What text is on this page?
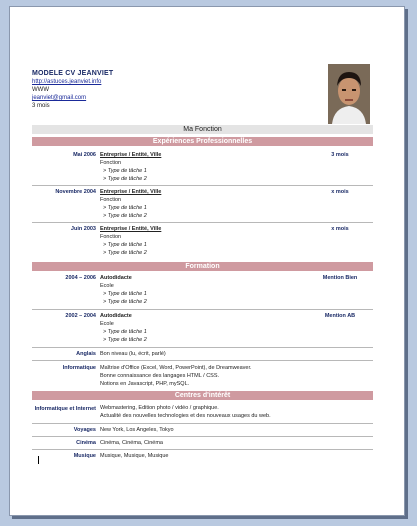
MODELE CV JEANVIET
http://astuces.jeanviet.info
WWW
jeanviet@gmail.com
3 mois
Ma Fonction
Expériences Professionnelles
Mai 2006 Entreprise / Entité, Ville
Fonction
> Type de tâche 1
> Type de tâche 2
3 mois
Novembre 2004 Entreprise / Entité, Ville
Fonction
> Type de tâche 1
> Type de tâche 2
x mois
Juin 2003 Entreprise / Entité, Ville
Fonction
> Type de tâche 1
> Type de tâche 2
x mois
Formation
2004 – 2006 Autodidacte
Ecole
> Type de tâche 1
> Type de tâche 2
Mention Bien
2002 – 2004 Autodidacte
Ecole
> Type de tâche 1
> Type de tâche 2
Mention AB
Anglais Bon niveau (lu, écrit, parlé)
Informatique Maîtrise d'Office (Excel, Word, PowerPoint), de Dreamweaver.
Bonne connaissance des langages HTML / CSS.
Notions en Javascript, PHP, mySQL.
Centres d'intérêt
Informatique et Internet Webmastering, Edition photo / vidéo / graphique.
Actualité des nouvelles technologies et des nouveaux usages du web.
Voyages New York, Los Angeles, Tokyo
Cinéma Cinéma, Cinéma, Cinéma
Musique Musique, Musique, Musique
